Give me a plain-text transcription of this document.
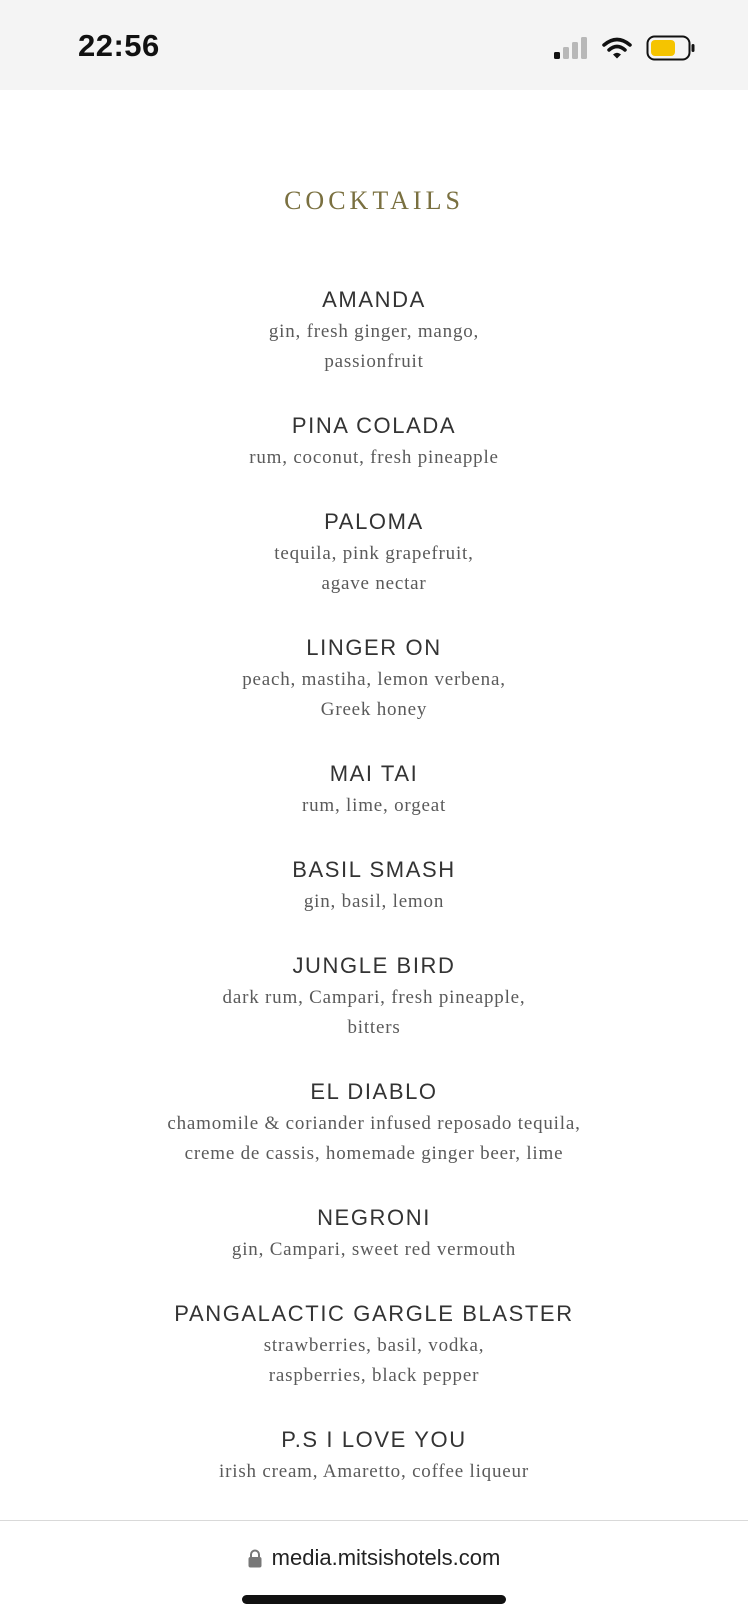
22:56
COCKTAILS
AMANDA
gin, fresh ginger, mango,
passionfruit
PINA COLADA
rum, coconut, fresh pineapple
PALOMA
tequila, pink grapefruit,
agave nectar
LINGER ON
peach, mastiha, lemon verbena,
Greek honey
MAI TAI
rum, lime, orgeat
BASIL SMASH
gin, basil, lemon
JUNGLE BIRD
dark rum, Campari, fresh pineapple,
bitters
EL DIABLO
chamomile & coriander infused reposado tequila,
creme de cassis, homemade ginger beer, lime
NEGRONI
gin, Campari, sweet red vermouth
PANGALACTIC GARGLE BLASTER
strawberries, basil, vodka,
raspberries, black pepper
P.S I LOVE YOU
irish cream, Amaretto, coffee liqueur
media.mitsishotels.com
